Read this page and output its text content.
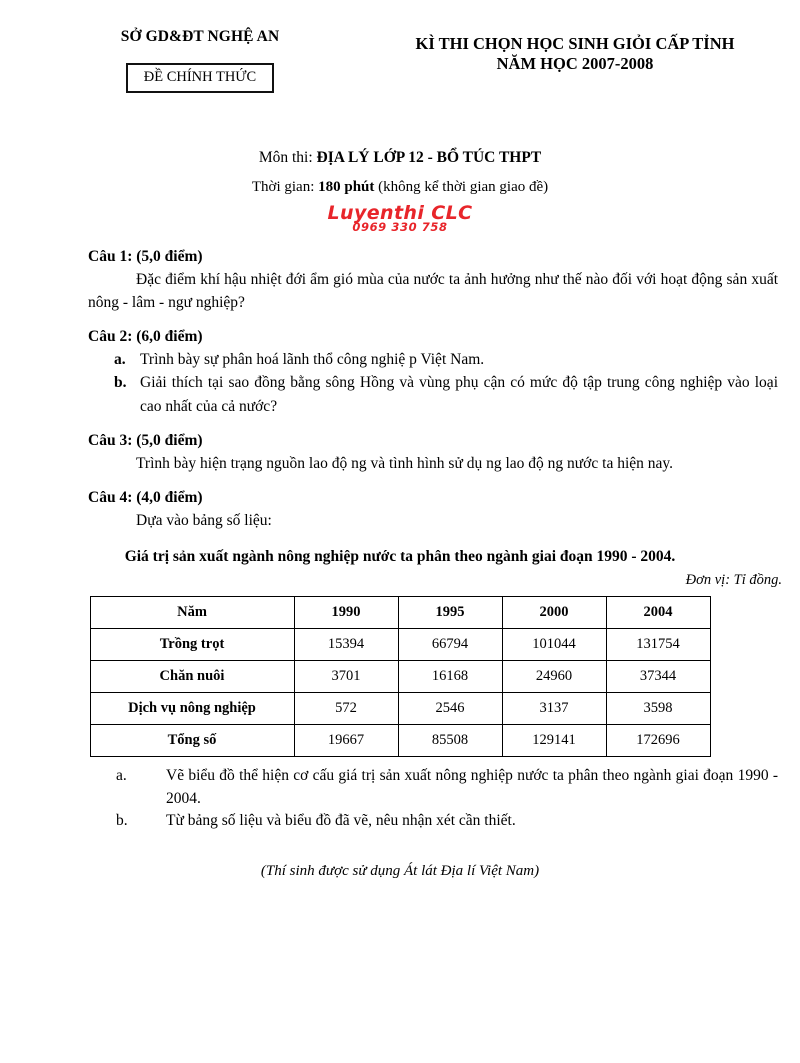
SỞ GD&ĐT NGHỆ AN
ĐỀ CHÍNH THỨC
KÌ THI CHỌN HỌC SINH GIỎI CẤP TỈNH
NĂM HỌC 2007-2008
Môn thi: ĐỊA LÝ LỚP 12 - BỔ TÚC THPT
Thời gian: 180 phút (không kể thời gian giao đề)
Luyenthi CLC
0969 330 758
Câu 1: (5,0 điểm)

Đặc điểm khí hậu nhiệt đới ẩm gió mùa của nước ta ảnh hưởng như thế nào đối với hoạt động sản xuất nông - lâm - ngư nghiệp?

Câu 2: (6,0 điểm)
a. Trình bày sự phân hoá lãnh thổ công nghiệ p Việt Nam.
b. Giải thích tại sao đồng bằng sông Hồng và vùng phụ cận có mức độ tập trung công nghiệp vào loại cao nhất của cả nước?
Câu 3: (5,0 điểm)

Trình bày hiện trạng nguồn lao độ ng và tình hình sử dụ ng lao độ ng nước ta hiện nay.

Câu 4: (4,0 điểm)

Dựa vào bảng số liệu:

Giá trị sản xuất ngành nông nghiệp nước ta phân theo ngành giai đoạn 1990 - 2004.
Đơn vị: Tỉ đồng.
Năm	1990	1995	2000	2004
Trồng trọt	15394	66794	101044	131754
Chăn nuôi	3701	16168	24960	37344
Dịch vụ nông nghiệp	572	2546	3137	3598
Tổng số	19667	85508	129141	172696
a.	Vẽ biểu đồ thể hiện cơ cấu giá trị sản xuất nông nghiệp nước ta phân theo ngành giai đoạn 1990 - 2004.
b. Từ bảng số liệu và biểu đồ đã vẽ, nêu nhận xét cần thiết.
(Thí sinh được sử dụng Át lát Địa lí Việt Nam)
